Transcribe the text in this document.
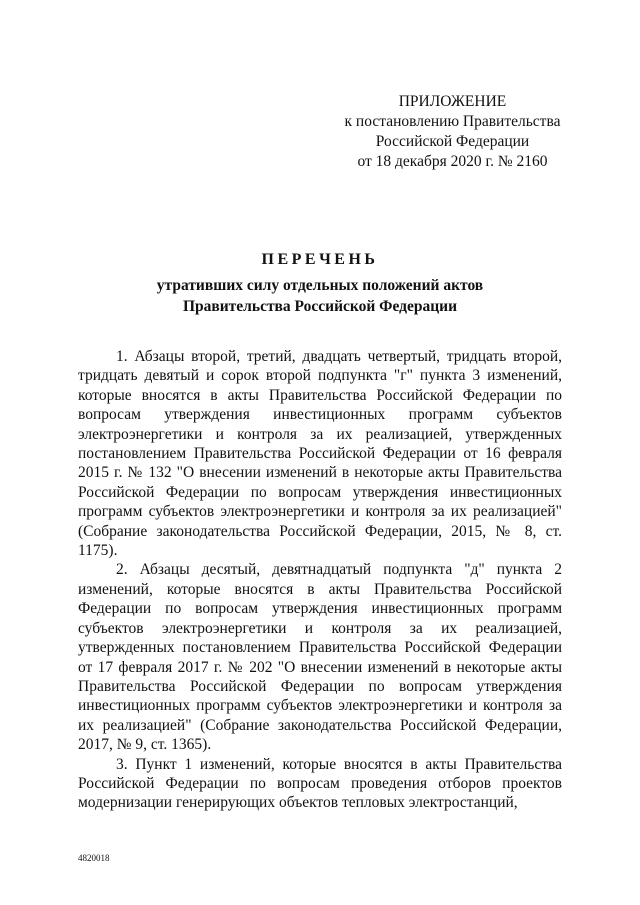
ПРИЛОЖЕНИЕ
к постановлению Правительства
Российской Федерации
от 18 декабря 2020 г. № 2160
ПЕРЕЧЕНЬ
утративших силу отдельных положений актов
Правительства Российской Федерации

1. Абзацы второй, третий, двадцать четвертый, тридцать второй, тридцать девятый и сорок второй подпункта "г" пункта 3 изменений, которые вносятся в акты Правительства Российской Федерации по вопросам утверждения инвестиционных программ субъектов электроэнергетики и контроля за их реализацией, утвержденных постановлением Правительства Российской Федерации от 16 февраля 2015 г. № 132 "О внесении изменений в некоторые акты Правительства Российской Федерации по вопросам утверждения инвестиционных программ субъектов электроэнергетики и контроля за их реализацией" (Собрание законодательства Российской Федерации, 2015, № 8, ст. 1175).

2. Абзацы десятый, девятнадцатый подпункта "д" пункта 2 изменений, которые вносятся в акты Правительства Российской Федерации по вопросам утверждения инвестиционных программ субъектов электроэнергетики и контроля за их реализацией, утвержденных постановлением Правительства Российской Федерации от 17 февраля 2017 г. № 202 "О внесении изменений в некоторые акты Правительства Российской Федерации по вопросам утверждения инвестиционных программ субъектов электроэнергетики и контроля за их реализацией" (Собрание законодательства Российской Федерации, 2017, № 9, ст. 1365).

3. Пункт 1 изменений, которые вносятся в акты Правительства Российской Федерации по вопросам проведения отборов проектов модернизации генерирующих объектов тепловых электростанций,

4820018
